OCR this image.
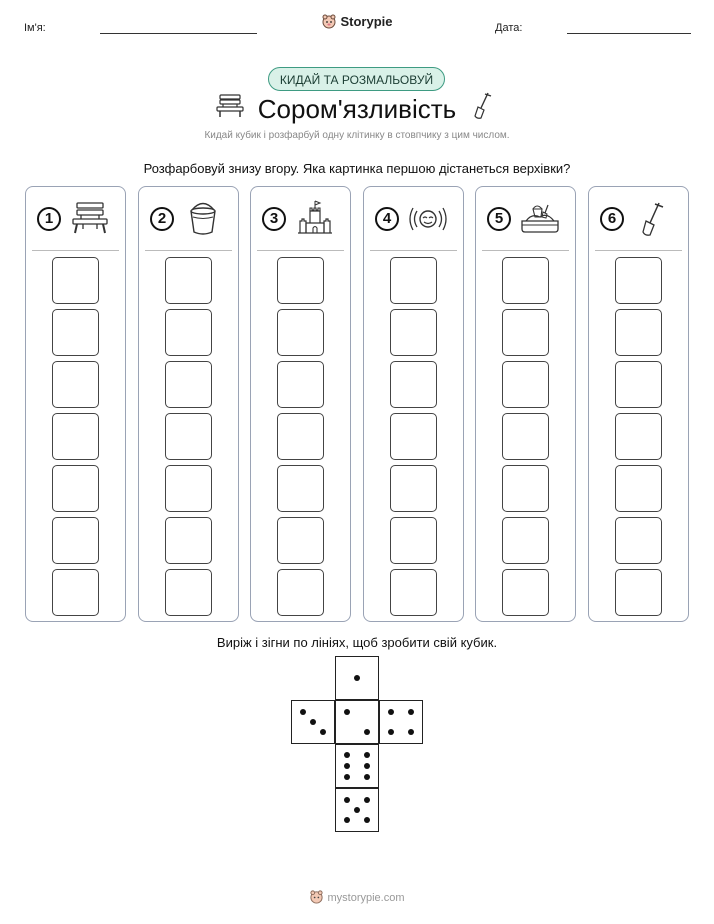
Ім'я:	Storypie	Дата:
КИДАЙ ТА РОЗМАЛЬОВУЙ
Сором'язливість
Кидай кубик і розфарбуй одну клітинку в стовпчику з цим числом.
Розфарбовуй знизу вгору. Яка картинка першою дістанеться верхівки?
1	2	3	4	5	6
Виріж і зігни по лініях, щоб зробити свій кубик.
mystorypie.com
